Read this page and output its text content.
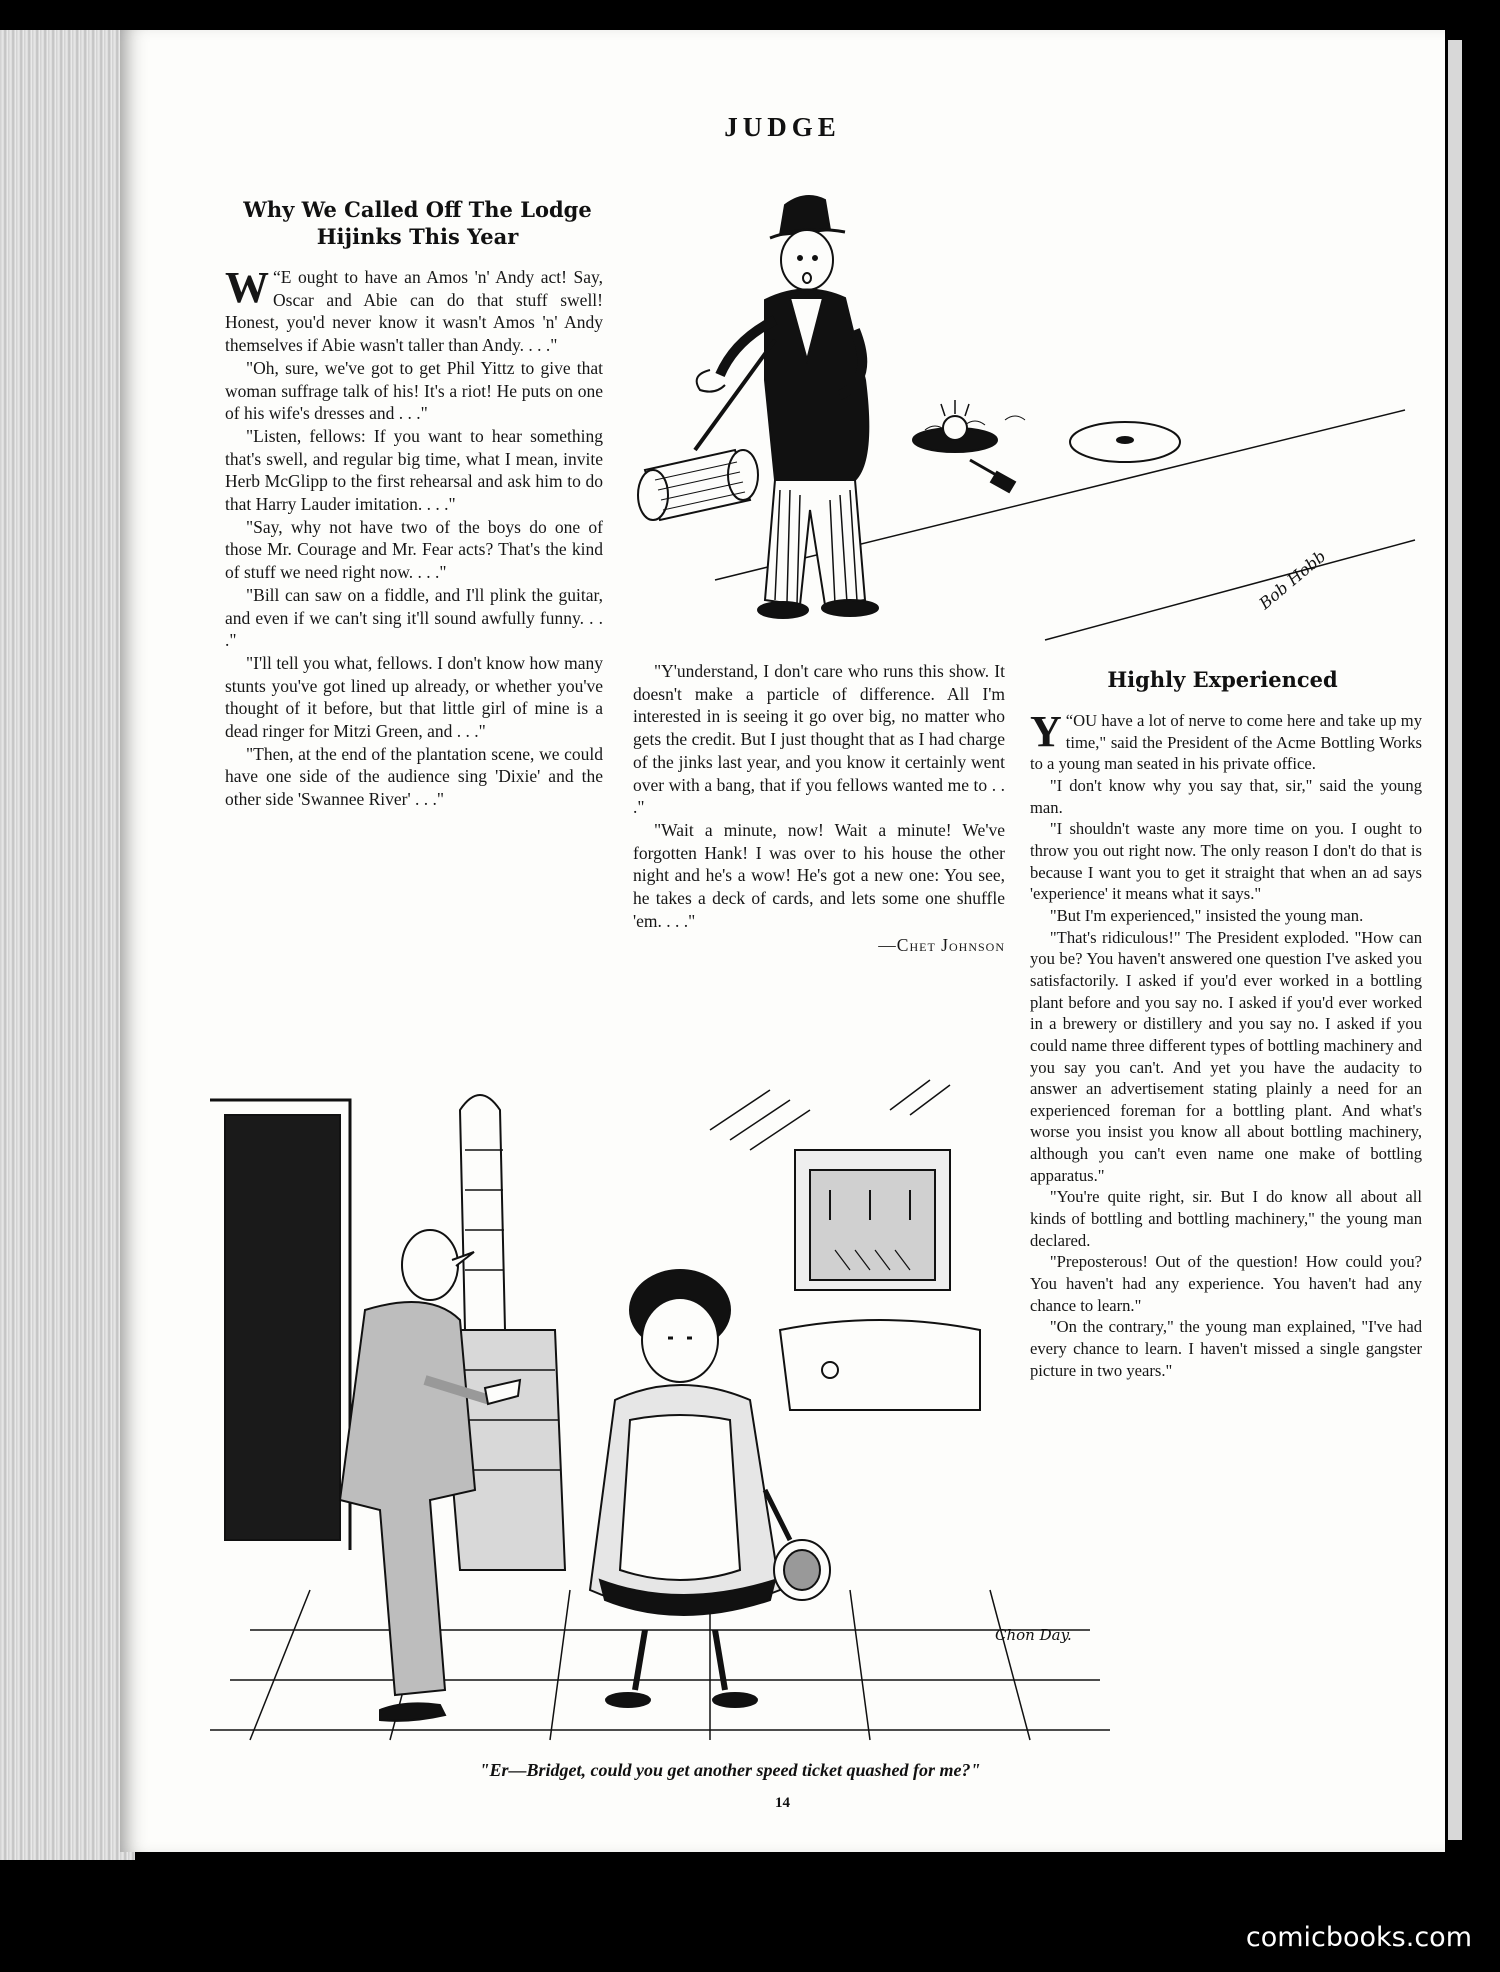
JUDGE
Why We Called Off The Lodge Hijinks This Year

“
W E ought to have an Amos 'n' Andy act! Say, Oscar and Abie can do that stuff swell! Honest, you'd never know it wasn't Amos 'n' Andy themselves if Abie wasn't taller than Andy. . . ."

"Oh, sure, we've got to get Phil Yittz to give that woman suffrage talk of his! It's a riot! He puts on one of his wife's dresses and . . ."

"Listen, fellows: If you want to hear something that's swell, and regular big time, what I mean, invite Herb McGlipp to the first rehearsal and ask him to do that Harry Lauder imitation. . . ."

"Say, why not have two of the boys do one of those Mr. Courage and Mr. Fear acts? That's the kind of stuff we need right now. . . ."

"Bill can saw on a fiddle, and I'll plink the guitar, and even if we can't sing it'll sound awfully funny. . . ."

"I'll tell you what, fellows. I don't know how many stunts you've got lined up already, or whether you've thought of it before, but that little girl of mine is a dead ringer for Mitzi Green, and . . ."

"Then, at the end of the plantation scene, we could have one side of the audience sing 'Dixie' and the other side 'Swannee River' . . ."

"Y'understand, I don't care who runs this show. It doesn't make a particle of difference. All I'm interested in is seeing it go over big, no matter who gets the credit. But I just thought that as I had charge of the jinks last year, and you know it certainly went over with a bang, that if you fellows wanted me to . . ."

"Wait a minute, now! Wait a minute! We've forgotten Hank! I was over to his house the other night and he's a wow! He's got a new one: You see, he takes a deck of cards, and lets some one shuffle 'em. . . ."

—Chet Johnson
Highly Experienced

“
Y OU have a lot of nerve to come here and take up my time," said the President of the Acme Bottling Works to a young man seated in his private office.

"I don't know why you say that, sir," said the young man.

"I shouldn't waste any more time on you. I ought to throw you out right now. The only reason I don't do that is because I want you to get it straight that when an ad says 'experience' it means what it says."

"But I'm experienced," insisted the young man.

"That's ridiculous!" The President exploded. "How can you be? You haven't answered one question I've asked you satisfactorily. I asked if you'd ever worked in a bottling plant before and you say no. I asked if you'd ever worked in a brewery or distillery and you say no. I asked if you could name three different types of bottling machinery and you say you can't. And yet you have the audacity to answer an advertisement stating plainly a need for an experienced foreman for a bottling plant. And what's worse you insist you know all about bottling machinery, although you can't even name one make of bottling apparatus."

"You're quite right, sir. But I do know all about all kinds of bottling and bottling machinery," the young man declared.

"Preposterous! Out of the question! How could you? You haven't had any experience. You haven't had any chance to learn."

"On the contrary," the young man explained, "I've had every chance to learn. I haven't missed a single gangster picture in two years."

Bob Hobb
Chon Day.
"Er—Bridget, could you get another speed ticket quashed for me?"
14
comicbooks.com
